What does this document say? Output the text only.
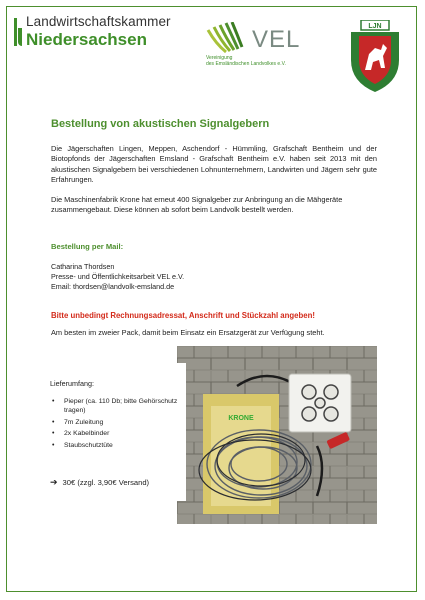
Landwirtschaftskammer
Niedersachsen	VEL
Vereinigung
des Emsländischen Landvolkes e.V.
LJN
Bestellung von akustischen Signalgebern
Die Jägerschaften Lingen, Meppen, Aschendorf - Hümmling, Grafschaft Bentheim und der Biotopfonds der Jägerschaften Emsland - Grafschaft Bentheim e.V. haben seit 2013 mit den akustischen Signalgebern bei verschiedenen Lohnunternehmern, Landwirten und Jägern sehr gute Erfahrungen.
Die Maschinenfabrik Krone hat erneut 400 Signalgeber zur Anbringung an die Mähgeräte zusammengebaut. Diese können ab sofort beim Landvolk bestellt werden.
Bestellung per Mail:
Catharina Thordsen
Presse- und Öffentlichkeitsarbeit VEL e.V.
Email: thordsen@landvolk-emsland.de
Bitte unbedingt Rechnungsadressat, Anschrift und Stückzahl angeben!
Am besten im zweier Pack, damit beim Einsatz ein Ersatzgerät zur Verfügung steht.
KRONE
Lieferumfang:
• Pieper (ca. 110 Db; bitte Gehörschutz tragen)
• 7m Zuleitung
• 2x Kabelbinder
• Staubschutztüte
➔ 30€ (zzgl. 3,90€ Versand)
